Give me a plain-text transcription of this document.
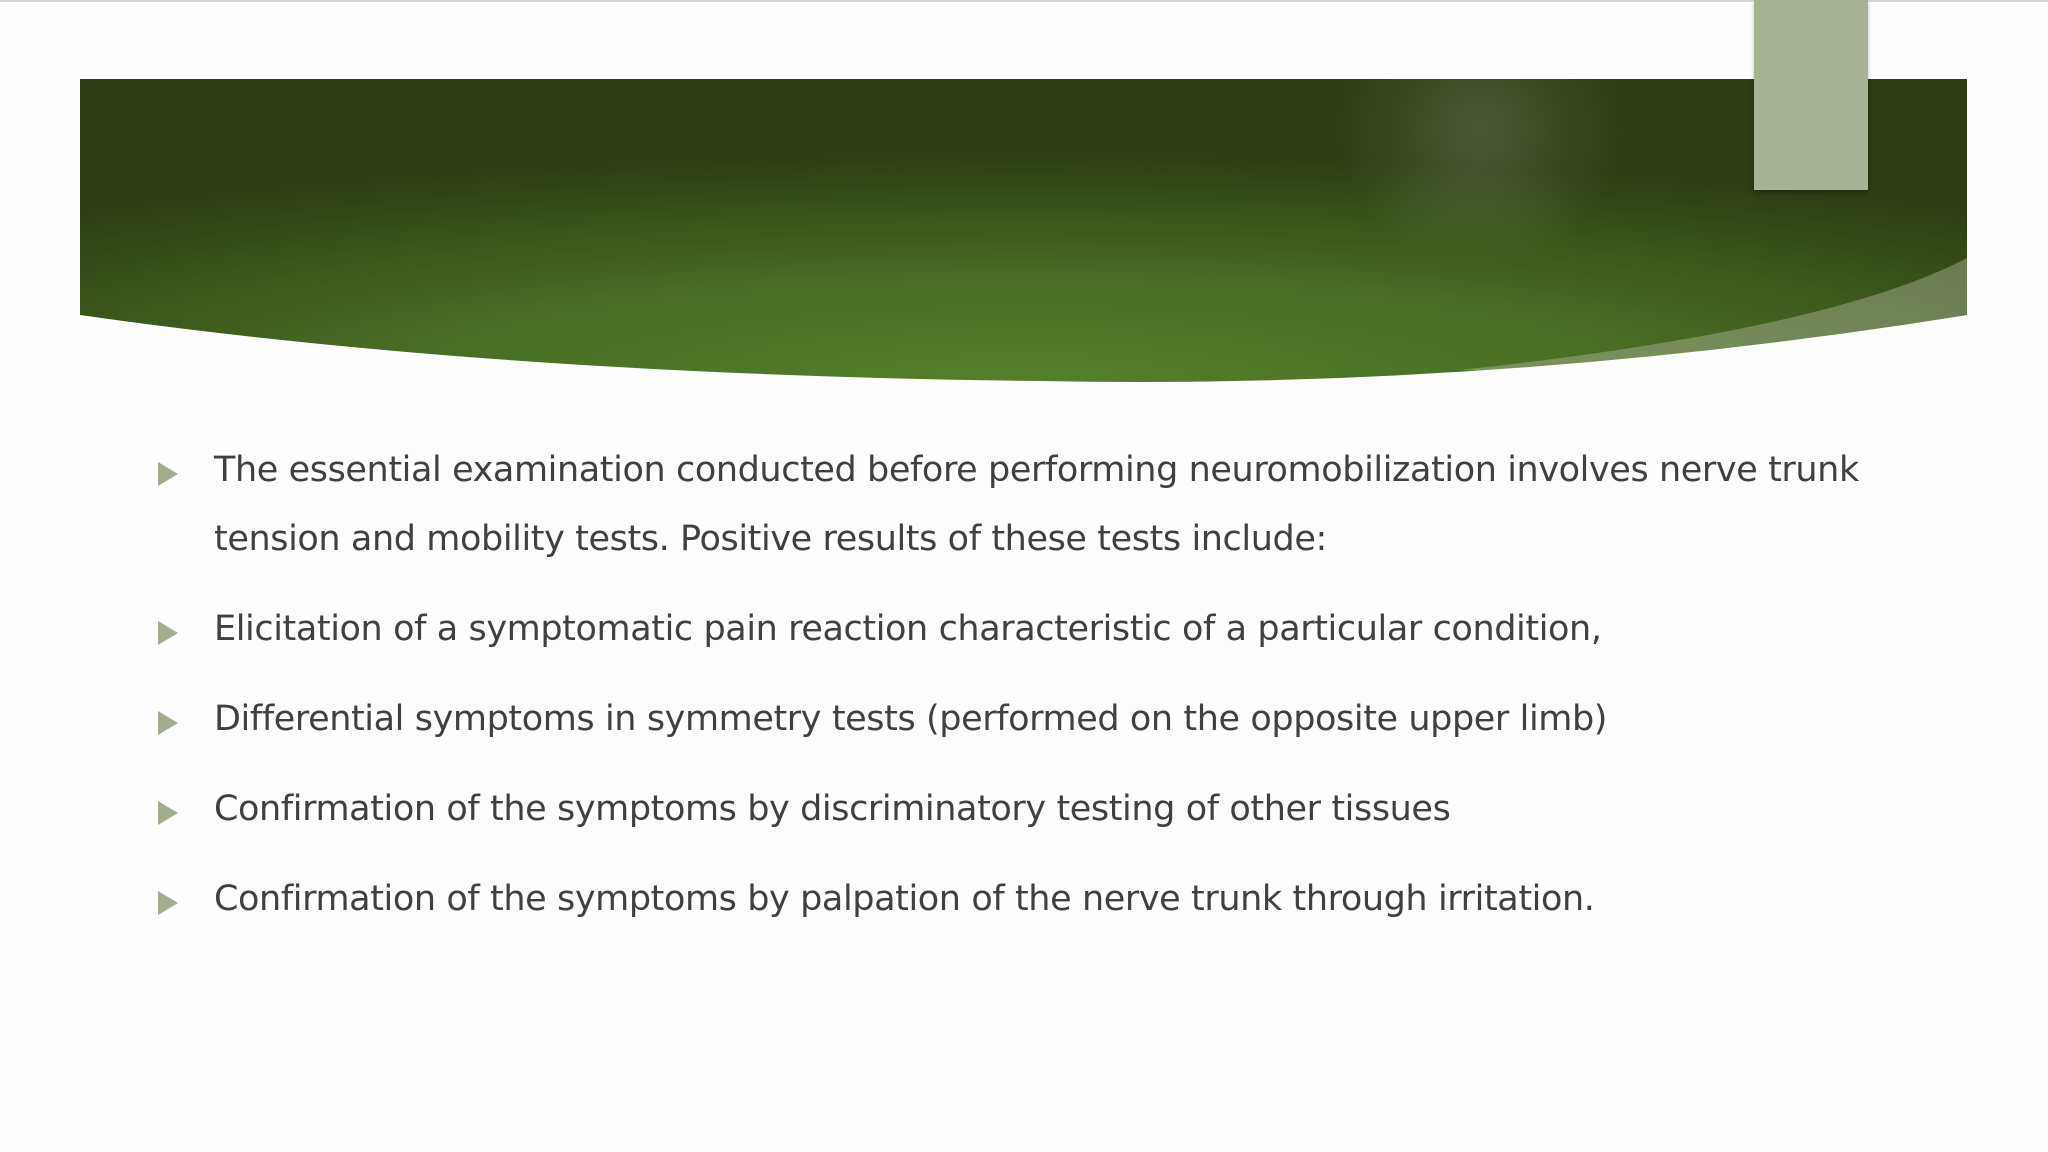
The essential examination conducted before performing neuromobilization involves nerve trunk tension and mobility tests. Positive results of these tests include:
Elicitation of a symptomatic pain reaction characteristic of a particular condition,
Differential symptoms in symmetry tests (performed on the opposite upper limb)
Confirmation of the symptoms by discriminatory testing of other tissues
Confirmation of the symptoms by palpation of the nerve trunk through irritation.
